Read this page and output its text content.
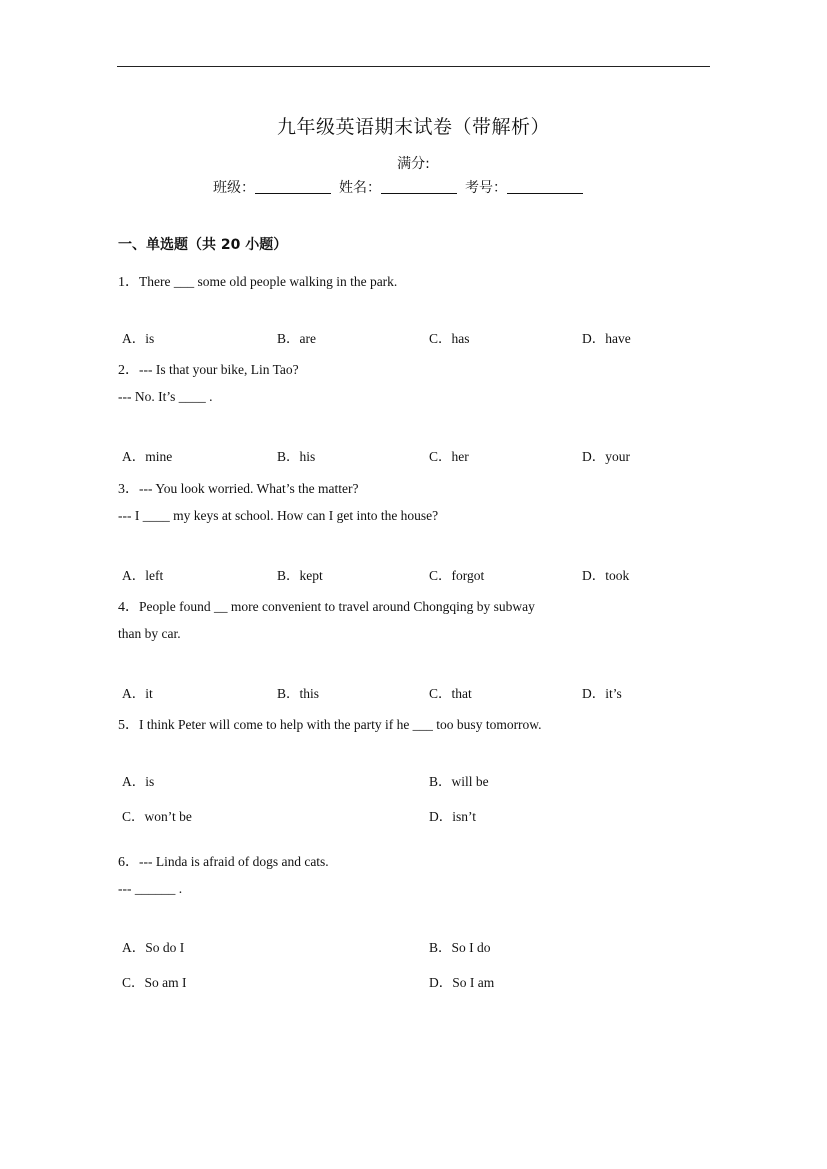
九年级英语期末试卷（带解析）
满分:
班级：	姓名：	考号：
一、单选题（共 20 小题）
1．There ___ some old people walking in the park.
A．is	B．are	C．has	D．have
2．--- Is that your bike, Lin Tao?
--- No. It’s ____ .
A．mine	B．his	C．her	D．your
3．--- You look worried. What’s the matter?
--- I ____ my keys at school. How can I get into the house?
A．left	B．kept	C．forgot	D．took
4．People found __ more convenient to travel around Chongqing by subway
than by car.
A．it	B．this	C．that	D．it’s
5．I think Peter will come to help with the party if he ___ too busy tomorrow.
A．is	B．will be
C．won’t be	D．isn’t
6．--- Linda is afraid of dogs and cats.
--- ______ .
A．So do I	B．So I do
C．So am I	D．So I am
